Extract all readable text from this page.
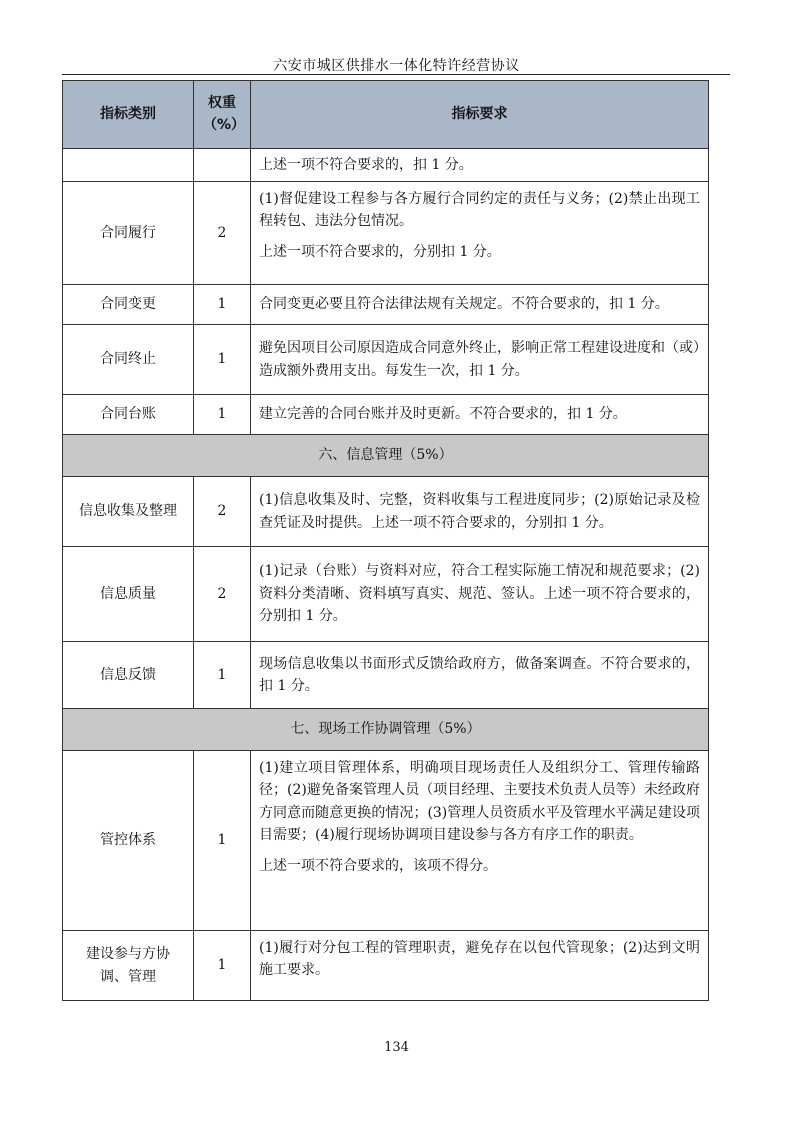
六安市城区供排水一体化特许经营协议
指标类别	权重（%）	指标要求

		上述一项不符合要求的，扣 1 分。

合同履行	2	(1)督促建设工程参与各方履行合同约定的责任与义务；(2)禁止出现工程转包、违法分包情况。

上述一项不符合要求的，分别扣 1 分。

合同变更	1	合同变更必要且符合法律法规有关规定。不符合要求的，扣 1 分。

合同终止	1	避免因项目公司原因造成合同意外终止，影响正常工程建设进度和（或）造成额外费用支出。每发生一次，扣 1 分。

合同台账	1	建立完善的合同台账并及时更新。不符合要求的，扣 1 分。

六、信息管理（5%）		
信息收集及整理	2	(1)信息收集及时、完整，资料收集与工程进度同步；(2)原始记录及检查凭证及时提供。上述一项不符合要求的，分别扣 1 分。

信息质量	2	(1)记录（台账）与资料对应，符合工程实际施工情况和规范要求；(2)资料分类清晰、资料填写真实、规范、签认。上述一项不符合要求的，分别扣 1 分。

信息反馈	1	现场信息收集以书面形式反馈给政府方，做备案调查。不符合要求的，扣 1 分。

七、现场工作协调管理（5%）		
管控体系	1	(1)建立项目管理体系，明确项目现场责任人及组织分工、管理传输路径；(2)避免备案管理人员（项目经理、主要技术负责人员等）未经政府方同意而随意更换的情况；(3)管理人员资质水平及管理水平满足建设项目需要；(4)履行现场协调项目建设参与各方有序工作的职责。

上述一项不符合要求的，该项不得分。

建设参与方协调、管理	1	(1)履行对分包工程的管理职责，避免存在以包代管现象；(2)达到文明施工要求。

134
